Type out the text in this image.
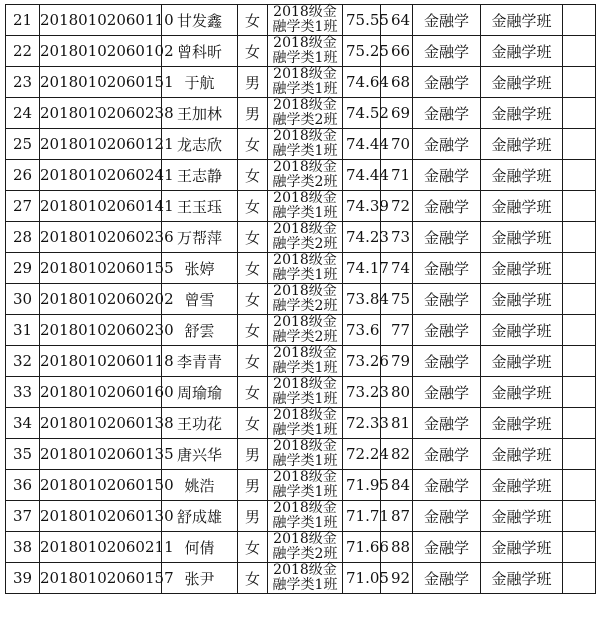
21	20180102060110	甘发鑫	女	2018级金融学类1班	75.55	64	金融学	金融学班	
22	20180102060102	曾科昕	女	2018级金融学类1班	75.25	66	金融学	金融学班	
23	20180102060151	于航	男	2018级金融学类1班	74.64	68	金融学	金融学班	
24	20180102060238	王加林	男	2018级金融学类2班	74.52	69	金融学	金融学班	
25	20180102060121	龙志欣	女	2018级金融学类1班	74.44	70	金融学	金融学班	
26	20180102060241	王志静	女	2018级金融学类2班	74.44	71	金融学	金融学班	
27	20180102060141	王玉珏	女	2018级金融学类1班	74.39	72	金融学	金融学班	
28	20180102060236	万帮萍	女	2018级金融学类2班	74.23	73	金融学	金融学班	
29	20180102060155	张婷	女	2018级金融学类1班	74.17	74	金融学	金融学班	
30	20180102060202	曾雪	女	2018级金融学类2班	73.84	75	金融学	金融学班	
31	20180102060230	舒雲	女	2018级金融学类2班	73.6	77	金融学	金融学班	
32	20180102060118	李青青	女	2018级金融学类1班	73.26	79	金融学	金融学班	
33	20180102060160	周瑜瑜	女	2018级金融学类1班	73.23	80	金融学	金融学班	
34	20180102060138	王功花	女	2018级金融学类1班	72.33	81	金融学	金融学班	
35	20180102060135	唐兴华	男	2018级金融学类1班	72.24	82	金融学	金融学班	
36	20180102060150	姚浩	男	2018级金融学类1班	71.95	84	金融学	金融学班	
37	20180102060130	舒成雄	男	2018级金融学类1班	71.71	87	金融学	金融学班	
38	20180102060211	何倩	女	2018级金融学类2班	71.66	88	金融学	金融学班	
39	20180102060157	张尹	女	2018级金融学类1班	71.05	92	金融学	金融学班	
